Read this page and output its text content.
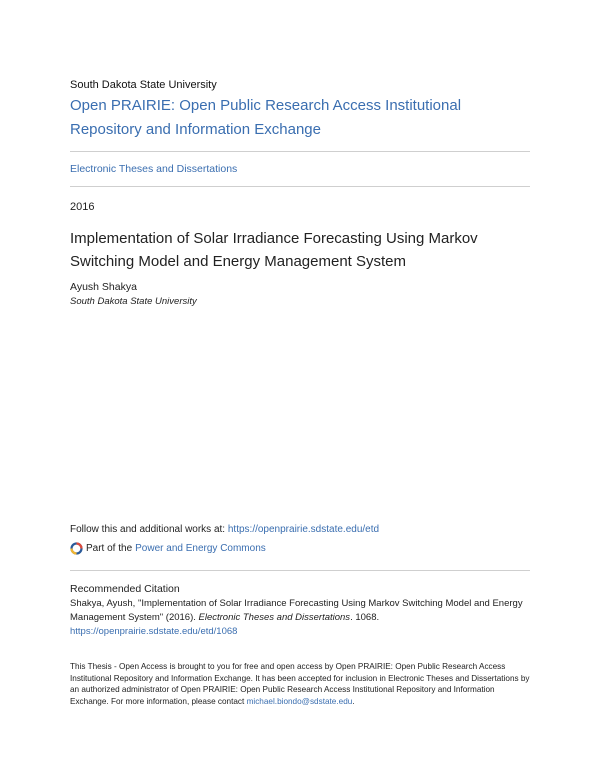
South Dakota State University
Open PRAIRIE: Open Public Research Access Institutional Repository and Information Exchange
Electronic Theses and Dissertations
2016
Implementation of Solar Irradiance Forecasting Using Markov Switching Model and Energy Management System
Ayush Shakya
South Dakota State University
Follow this and additional works at: https://openprairie.sdstate.edu/etd
Part of the Power and Energy Commons
Recommended Citation
Shakya, Ayush, "Implementation of Solar Irradiance Forecasting Using Markov Switching Model and Energy Management System" (2016). Electronic Theses and Dissertations. 1068.
https://openprairie.sdstate.edu/etd/1068
This Thesis - Open Access is brought to you for free and open access by Open PRAIRIE: Open Public Research Access Institutional Repository and Information Exchange. It has been accepted for inclusion in Electronic Theses and Dissertations by an authorized administrator of Open PRAIRIE: Open Public Research Access Institutional Repository and Information Exchange. For more information, please contact michael.biondo@sdstate.edu.
